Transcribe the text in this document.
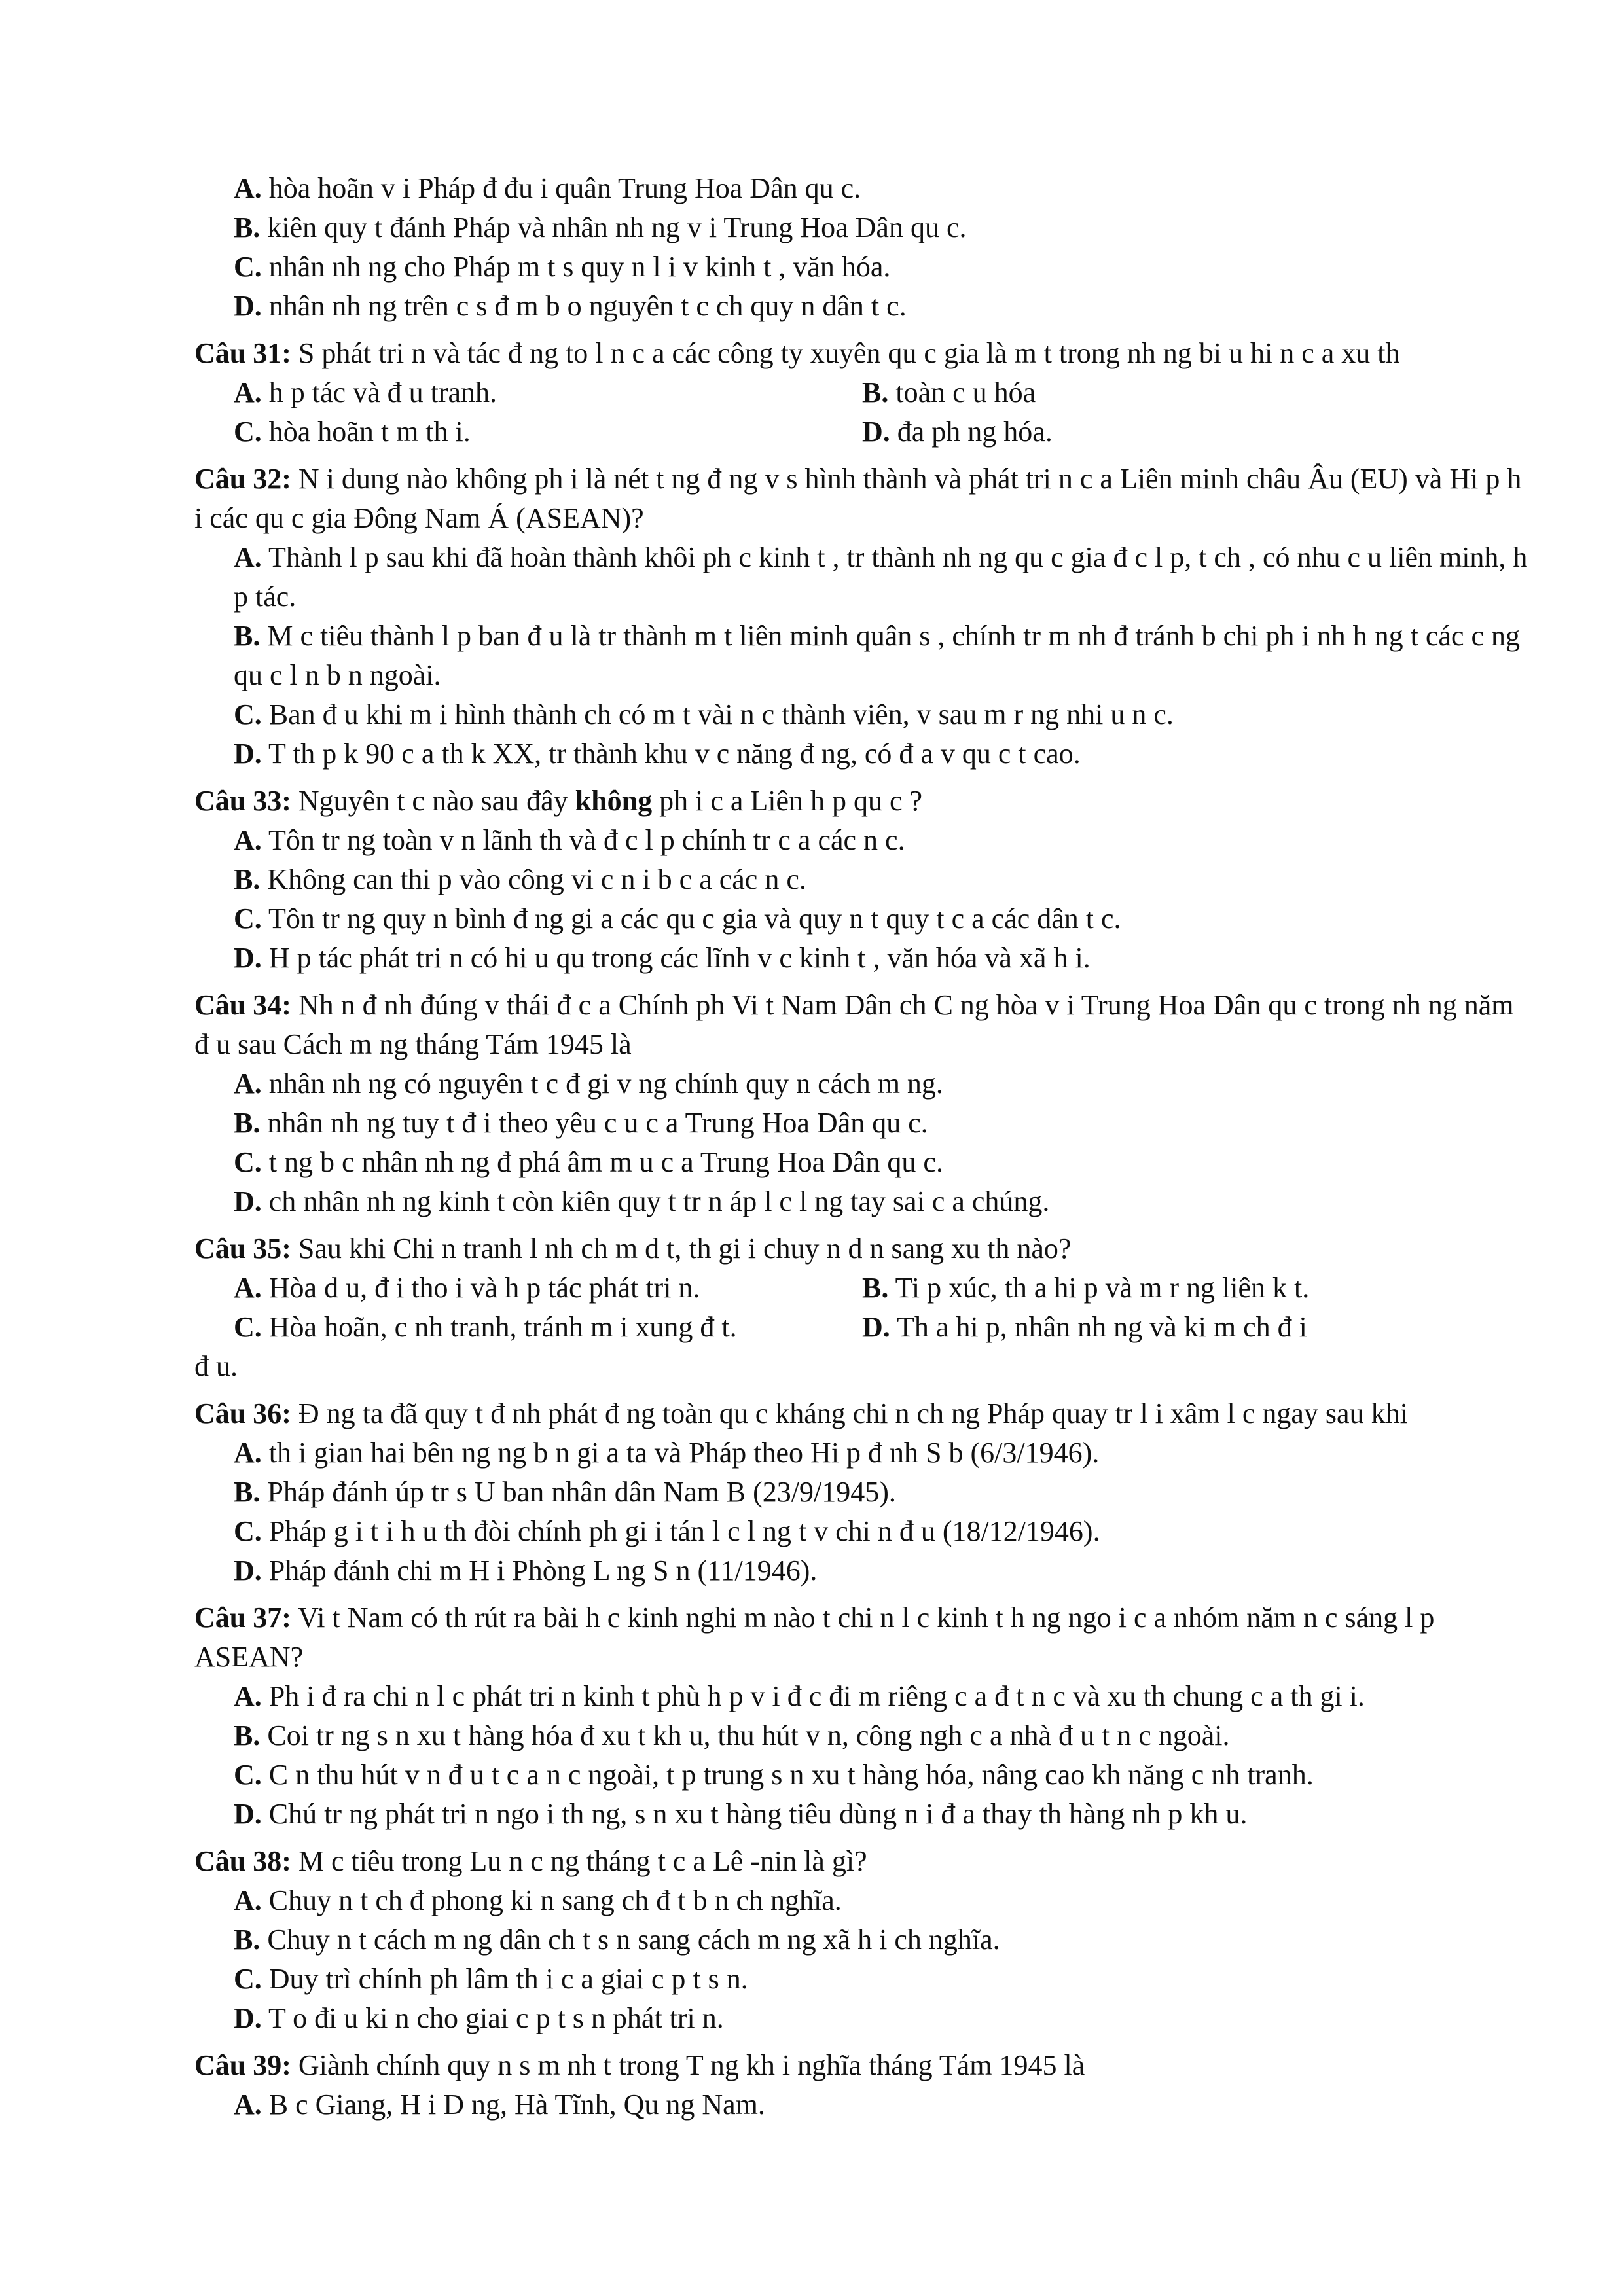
A. hòa hoãn v i Pháp đ đu i quân Trung Hoa Dân qu c.

B. kiên quy t đánh Pháp và nhân nh ng v i Trung Hoa Dân qu c.

C. nhân nh ng cho Pháp m t s quy n l i v kinh t , văn hóa.

D. nhân nh ng trên c s đ m b o nguyên t c ch quy n dân t c.

Câu 31: S phát tri n và tác đ ng to l n c a các công ty xuyên qu c gia là m t trong nh ng bi u hi n c a xu th

A. h p tác và đ u tranh.	B. toàn c u hóa
C. hòa hoãn t m th i.	D. đa ph ng hóa.

Câu 32: N i dung nào không ph i là nét t ng đ ng v s hình thành và phát tri n c a Liên minh châu Âu (EU) và Hi p h i các qu c gia Đông Nam Á (ASEAN)?

A. Thành l p sau khi đã hoàn thành khôi ph c kinh t , tr thành nh ng qu c gia đ c l p, t ch , có nhu c u liên minh, h p tác.

B. M c tiêu thành l p ban đ u là tr thành m t liên minh quân s , chính tr m nh đ tránh b chi ph i nh h ng t các c ng qu c l n b n ngoài.

C. Ban đ u khi m i hình thành ch có m t vài n c thành viên, v sau m r ng nhi u n c.

D. T th p k 90 c a th k XX, tr thành khu v c năng đ ng, có đ a v qu c t cao.

Câu 33: Nguyên t c nào sau đây không ph i c a Liên h p qu c ?

A. Tôn tr ng toàn v n lãnh th và đ c l p chính tr c a các n c.

B. Không can thi p vào công vi c n i b c a các n c.

C. Tôn tr ng quy n bình đ ng gi a các qu c gia và quy n t quy t c a các dân t c.

D. H p tác phát tri n có hi u qu trong các lĩnh v c kinh t , văn hóa và xã h i.

Câu 34: Nh n đ nh đúng v thái đ c a Chính ph Vi t Nam Dân ch C ng hòa v i Trung Hoa Dân qu c trong nh ng năm đ u sau Cách m ng tháng Tám 1945 là

A. nhân nh ng có nguyên t c đ gi v ng chính quy n cách m ng.

B. nhân nh ng tuy t đ i theo yêu c u c a Trung Hoa Dân qu c.

C. t ng b c nhân nh ng đ phá âm m u c a Trung Hoa Dân qu c.

D. ch nhân nh ng kinh t còn kiên quy t tr n áp l c l ng tay sai c a chúng.

Câu 35: Sau khi Chi n tranh l nh ch m d t, th gi i chuy n d n sang xu th nào?

A. Hòa d u, đ i tho i và h p tác phát tri n.	B. Ti p xúc, th a hi p và m r ng liên k t.
C. Hòa hoãn, c nh tranh, tránh m i xung đ t.	D. Th a hi p, nhân nh ng và ki m ch đ i

đ u.

Câu 36: Đ ng ta đã quy t đ nh phát đ ng toàn qu c kháng chi n ch ng Pháp quay tr l i xâm l c ngay sau khi

A. th i gian hai bên ng ng b n gi a ta và Pháp theo Hi p đ nh S b (6/3/1946).

B. Pháp đánh úp tr s U ban nhân dân Nam B (23/9/1945).

C. Pháp g i t i h u th đòi chính ph gi i tán l c l ng t v chi n đ u (18/12/1946).

D. Pháp đánh chi m H i Phòng L ng S n (11/1946).

Câu 37: Vi t Nam có th rút ra bài h c kinh nghi m nào t chi n l c kinh t h ng ngo i c a nhóm năm n c sáng l p ASEAN?

A. Ph i đ ra chi n l c phát tri n kinh t phù h p v i đ c đi m riêng c a đ t n c và xu th chung c a th gi i.

B. Coi tr ng s n xu t hàng hóa đ xu t kh u, thu hút v n, công ngh c a nhà đ u t n c ngoài.

C. C n thu hút v n đ u t c a n c ngoài, t p trung s n xu t hàng hóa, nâng cao kh năng c nh tranh.

D. Chú tr ng phát tri n ngo i th ng, s n xu t hàng tiêu dùng n i đ a thay th hàng nh p kh u.

Câu 38: M c tiêu trong Lu n c ng tháng t c a Lê -nin là gì?

A. Chuy n t ch đ phong ki n sang ch đ t b n ch nghĩa.

B. Chuy n t cách m ng dân ch t s n sang cách m ng xã h i ch nghĩa.

C. Duy trì chính ph lâm th i c a giai c p t s n.

D. T o đi u ki n cho giai c p t s n phát tri n.

Câu 39: Giành chính quy n s m nh t trong T ng kh i nghĩa tháng Tám 1945 là

A. B c Giang, H i D ng, Hà Tĩnh, Qu ng Nam.
